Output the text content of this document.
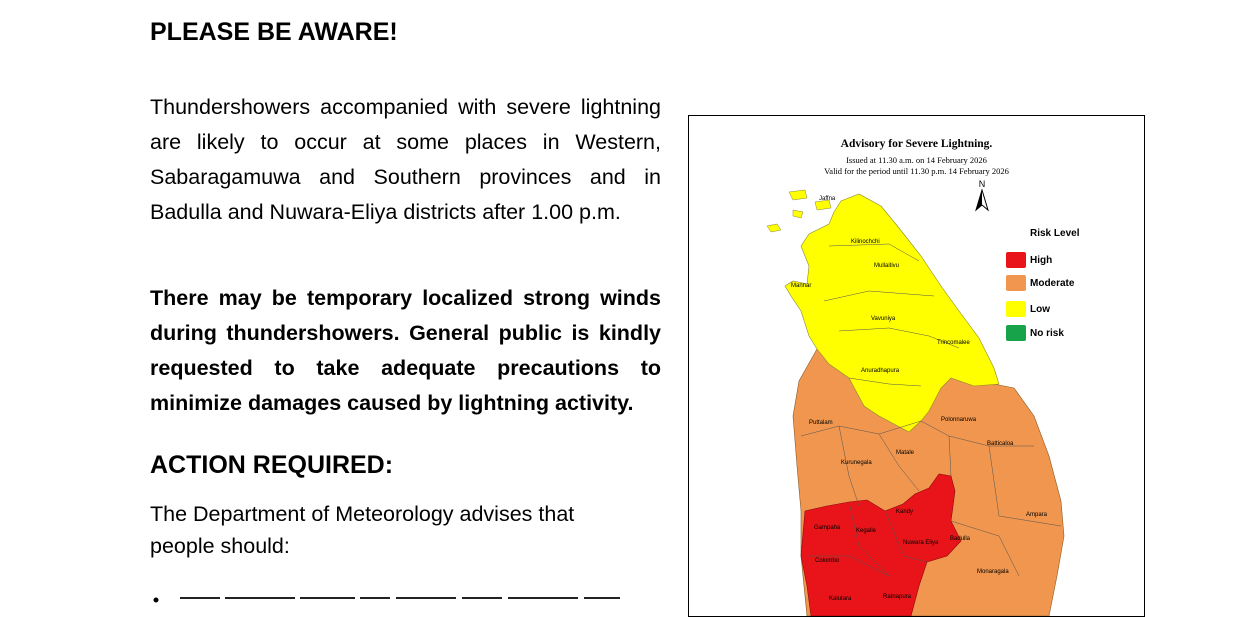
PLEASE BE AWARE!

Thundershowers accompanied with severe lightning are likely to occur at some places in Western, Sabaragamuwa and Southern provinces and in Badulla and Nuwara-Eliya districts after 1.00 p.m.

There may be temporary localized strong winds during thundershowers. General public is kindly requested to take adequate precautions to minimize damages caused by lightning activity.

ACTION REQUIRED:

The Department of Meteorology advises that people should:

Advisory for Severe Lightning.
Issued at 11.30 a.m. on 14 February 2026
Valid for the period until 11.30 p.m. 14 February 2026
N
Jaffna
Kilinochchi
Mullaitivu
Mannar
Vavuniya
Trincomalee
Anuradhapura
Puttalam	Polonnaruwa
Batticaloa
Kurunegala
Matale
Kandy	Ampara
Gampaha	Kegalle
Nuwara Eliya
Badulla
Colombo
Monaragala
Kalutara	Ratnapura
Risk Level
High
Moderate
Low
No risk
